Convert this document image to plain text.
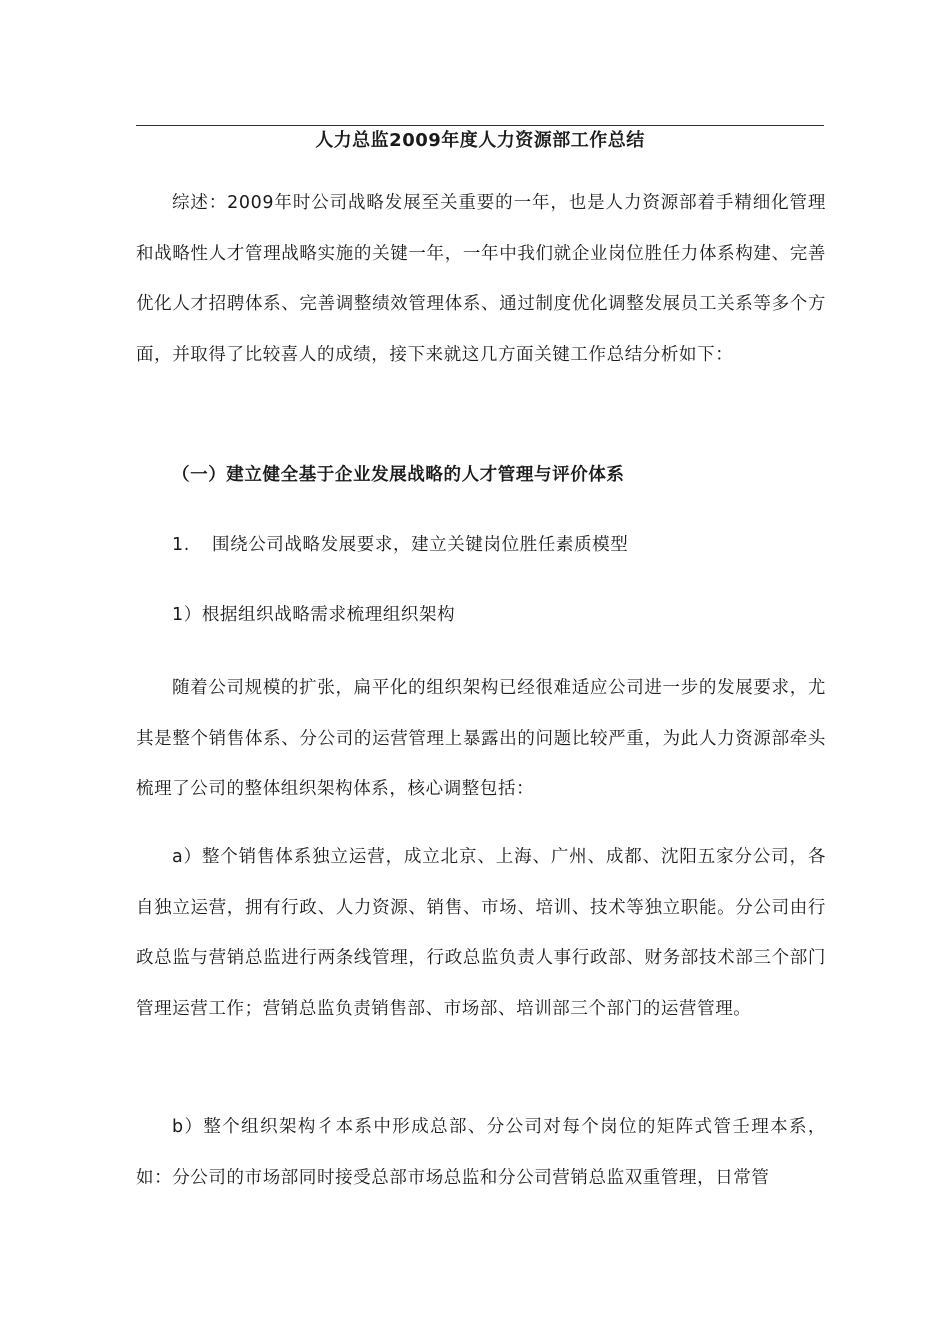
人力总监2009年度人力资源部工作总结

综述：2009年时公司战略发展至关重要的一年，也是人力资源部着手精细化管理和战略性人才管理战略实施的关键一年，一年中我们就企业岗位胜任力体系构建、完善优化人才招聘体系、完善调整绩效管理体系、通过制度优化调整发展员工关系等多个方面，并取得了比较喜人的成绩，接下来就这几方面关键工作总结分析如下：

（一）建立健全基于企业发展战略的人才管理与评价体系
1. 围绕公司战略发展要求，建立关键岗位胜任素质模型
1）根据组织战略需求梳理组织架构

随着公司规模的扩张，扁平化的组织架构已经很难适应公司进一步的发展要求，尤其是整个销售体系、分公司的运营管理上暴露出的问题比较严重，为此人力资源部牵头梳理了公司的整体组织架构体系，核心调整包括：

a）整个销售体系独立运营，成立北京、上海、广州、成都、沈阳五家分公司，各自独立运营，拥有行政、人力资源、销售、市场、培训、技术等独立职能。分公司由行政总监与营销总监进行两条线管理，行政总监负责人事行政部、财务部技术部三个部门管理运营工作；营销总监负责销售部、市场部、培训部三个部门的运营管理。

b）整个组织架构彳本系中形成总部、分公司对每个岗位的矩阵式管壬理本系，如：分公司的市场部同时接受总部市场总监和分公司营销总监双重管理，日常管
